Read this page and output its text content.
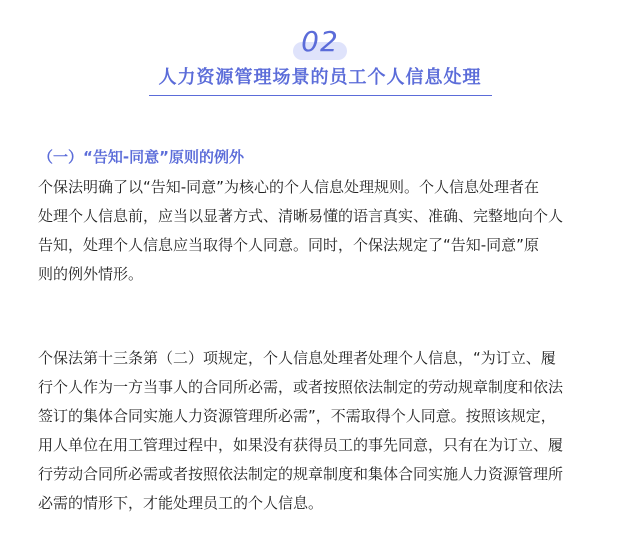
02
人力资源管理场景的员工个人信息处理
（一）“告知-同意”原则的例外
个保法明确了以“告知-同意”为核心的个人信息处理规则。个人信息处理者在
处理个人信息前，应当以显著方式、清晰易懂的语言真实、准确、完整地向个人
告知，处理个人信息应当取得个人同意。同时，个保法规定了“告知-同意”原
则的例外情形。
个保法第十三条第（二）项规定，个人信息处理者处理个人信息，“为订立、履
行个人作为一方当事人的合同所必需，或者按照依法制定的劳动规章制度和依法
签订的集体合同实施人力资源管理所必需”，不需取得个人同意。按照该规定，
用人单位在用工管理过程中，如果没有获得员工的事先同意，只有在为订立、履
行劳动合同所必需或者按照依法制定的规章制度和集体合同实施人力资源管理所
必需的情形下，才能处理员工的个人信息。
